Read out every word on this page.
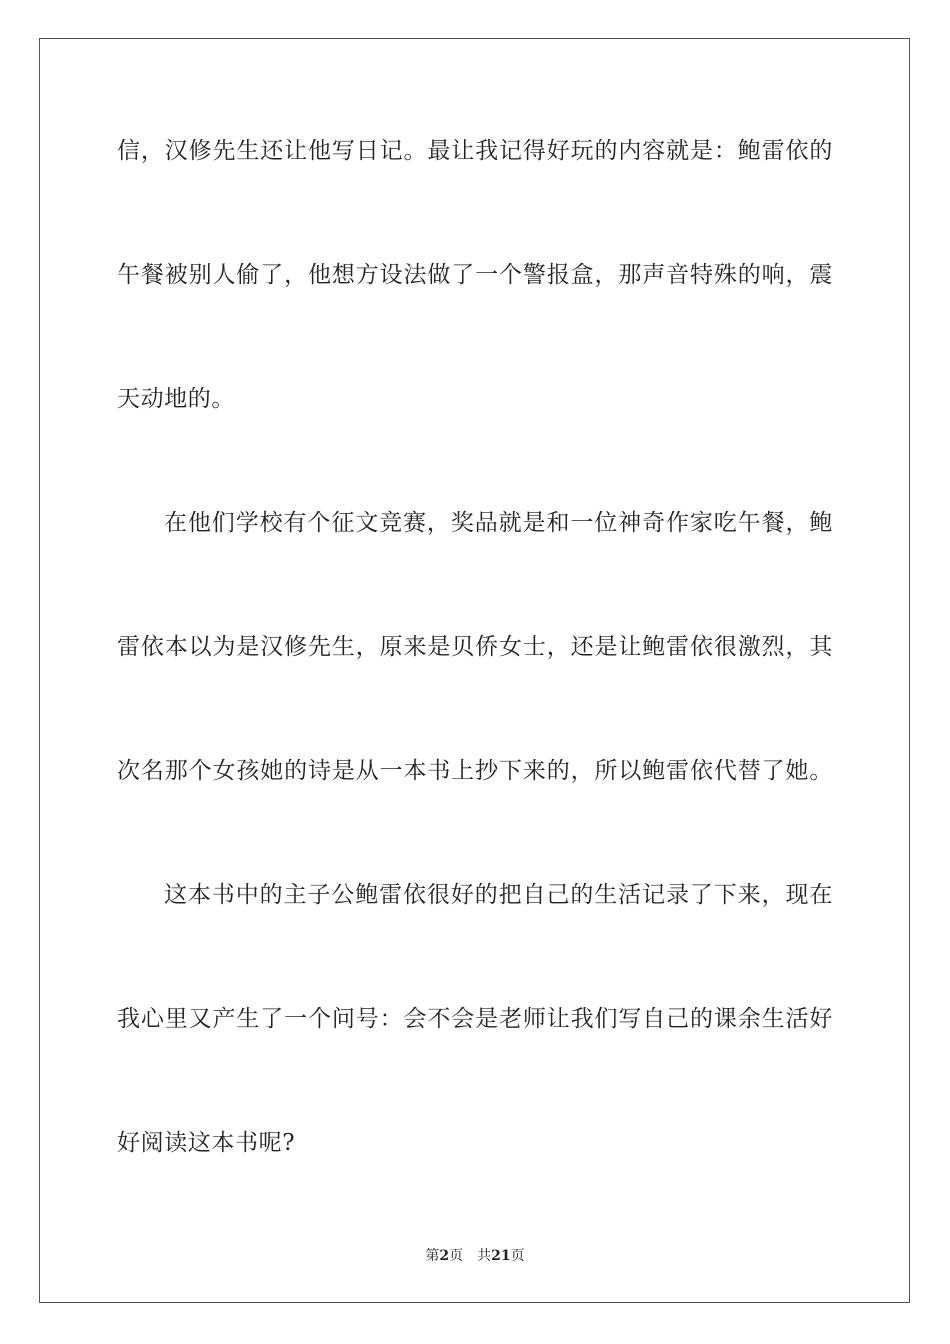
信，汉修先生还让他写日记。最让我记得好玩的内容就是：鲍雷依的
午餐被别人偷了，他想方设法做了一个警报盒，那声音特殊的响，震
天动地的。
在他们学校有个征文竞赛，奖品就是和一位神奇作家吃午餐，鲍
雷依本以为是汉修先生，原来是贝侨女士，还是让鲍雷依很激烈，其
次名那个女孩她的诗是从一本书上抄下来的，所以鲍雷依代替了她。
这本书中的主子公鲍雷依很好的把自己的生活记录了下来，现在
我心里又产生了一个问号：会不会是老师让我们写自己的课余生活好
好阅读这本书呢?
第2页 共21页
